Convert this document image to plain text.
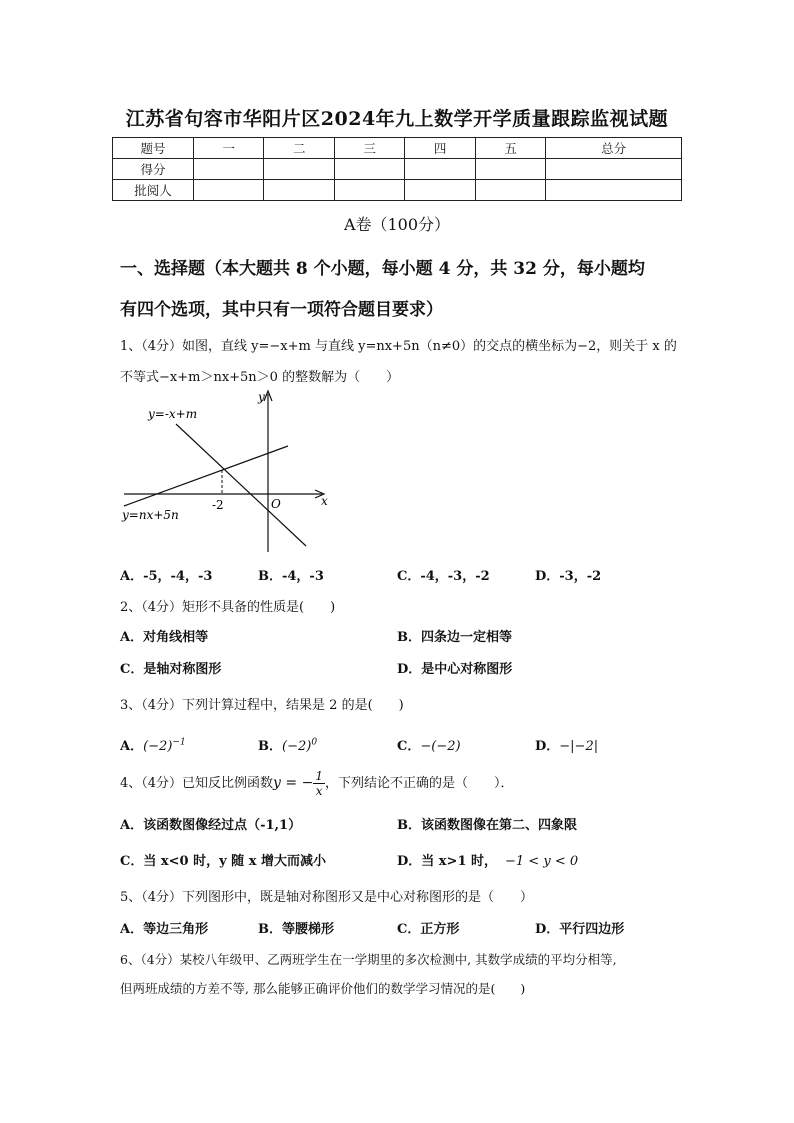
江苏省句容市华阳片区2024年九上数学开学质量跟踪监视试题
题号	一	二	三	四	五	总分
得分						
批阅人						
A卷（100分）
一、选择题（本大题共 8 个小题，每小题 4 分，共 32 分，每小题均
有四个选项，其中只有一项符合题目要求）
1、（4分）如图，直线 y=−x+m 与直线 y=nx+5n（n≠0）的交点的横坐标为−2，则关于 x 的
不等式−x+m＞nx+5n＞0 的整数解为（　　）
y=-x+m
y=nx+5n
x
y
O
-2
A．-5，-4，-3	B．-4，-3	C．-4，-3，-2	D．-3，-2
2、（4分）矩形不具备的性质是(　　)
A．对角线相等	B．四条边一定相等
C．是轴对称图形	D．是中心对称图形
3、（4分）下列计算过程中，结果是 2 的是(　　)
A．$(-2)^{-1}$	B．$(-2)^0$	C．−(−2)	D．−|−2|
4、（4分）已知反比例函数y = − $\frac{1}{x}$ ，下列结论不正确的是（　　）．
A．该函数图像经过点（-1,1）	B．该函数图像在第二、四象限
C．当 x<0 时，y 随 x 增大而减小	D．当 x>1 时， −1 < y < 0
5、（4分）下列图形中，既是轴对称图形又是中心对称图形的是（　　）
A．等边三角形	B．等腰梯形	C．正方形	D．平行四边形
6、（4分）某校八年级甲、乙两班学生在一学期里的多次检测中, 其数学成绩的平均分相等,
但两班成绩的方差不等, 那么能够正确评价他们的数学学习情况的是(　　)
